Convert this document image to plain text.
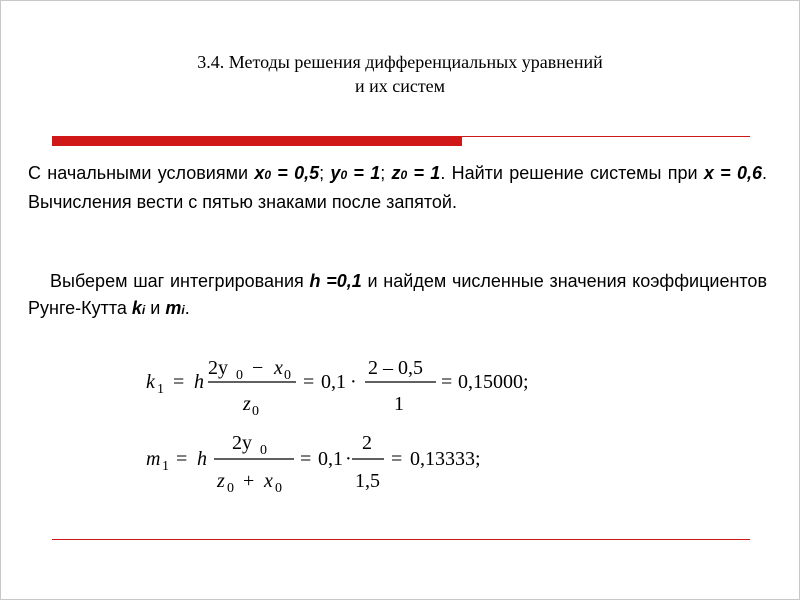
3.4. Методы решения дифференциальных уравнений
и их систем
С начальными условиями x0 = 0,5; y0 = 1; z0 = 1. Найти решение системы при x = 0,6. Вычисления вести с пятью знаками после запятой.
Выберем шаг интегрирования h =0,1 и найдем численные значения коэффициентов Рунге-Кутта ki и mi.
k 1 = h
2y 0 − x 0
z 0
= 0,1 ·
2 – 0,5
1
= 0,15000;
m 1 = h
2y 0
z 0 + x 0
= 0,1 ·
2
1,5
= 0,13333;
